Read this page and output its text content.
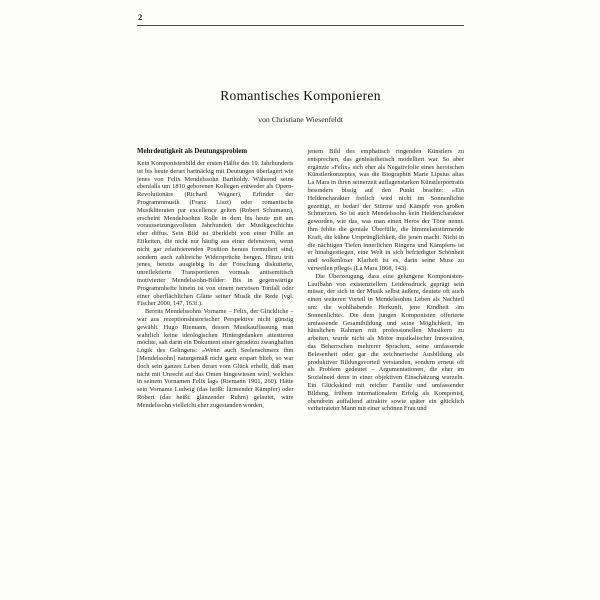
2
Romantisches Komponieren
von Christiane Wiesenfeldt
Mehrdeutigkeit als Deutungsproblem

Kein Komponistenbild der ersten Hälfte des 19. Jahrhunderts ist bis heute derart hartnäckig mit Deutungen überlagert wie jenes von Felix Mendelssohn Bartholdy. Während seine ebenfalls um 1810 geborenen Kollegen entweder als Opern-Revolutionäre (Richard Wagner), Erfinder der Programmmusik (Franz Liszt) oder romantische Musikliteraten par excellence gelten (Robert Schumann), erscheint Mendelssohns Rolle in dem bis heute mit am voraussetzungsvollsten Jahrhundert der Musikgeschichte eher diffus. Sein Bild ist überklebt von einer Fülle an Etiketten, die nicht nur häufig aus einer defensiven, wenn nicht gar relativierenden Position heraus formuliert sind, sondern auch zahlreiche Widersprüche bergen. Hinzu tritt jenes, bereits ausgiebig in der Forschung diskutierte, unreflektierte Transportieren vormals antisemitisch motivierter Mendelssohn-Bilder: Bis in gegenwärtige Programmhefte hinein ist von einem nervösen Tonfall oder einer oberflächlichen Glätte seiner Musik die Rede (vgl. Fischer 2000, 147, 163f.).

Bereits Mendelssohns Vorname – Felix, der Glückliche – war aus rezeptionshistorischer Perspektive nicht günstig gewählt. Hugo Riemann, dessen Musikauffassung man wahrlich keine ideologischen Hintergedanken attestieren möchte, sah darin ein Dokument einer geradezu zwanghaften Logik des Gelingens: »Wenn auch Seelenschmerz ihm [Mendelssohn] naturgemäß nicht ganz erspart blieb, so war doch sein ganzes Leben derart vom Glück erhellt, daß man nicht mit Unrecht auf das Omen hingewiesen wird, welches in seinem Vornamen Felix lag« (Riemann 1901, 260). Hätte sein Vorname Ludwig (das heißt: lärmender Kämpfer) oder Robert (das heißt: glänzender Ruhm) gelautet, wäre Mendelssohn vielleicht eher zugestanden worden,

jenem Bild des emphatisch ringenden Künstlers zu entsprechen, das genieästhetisch modelliert war. So aber ergänzte »Felix« sich eher als Negativfolie eines heroischen Künstlerkonzeptes, was die Biographin Marie Lipsius alias La Mara in ihren seinerzeit auflagenstarken Künstlerportraits besonders bissig auf den Punkt brachte: »Ein Heldencharakter freilich wird nicht im Sonnenlichte gezeitigt, er bedarf der Stürme und Kämpfe von großen Schmerzen. So ist auch Mendelssohn kein Heldencharakter geworden, wie das, was man einen Heros der Töne nennt. Ihm fehlte die geniale Überfülle, die himmelanstürmende Kraft, die kühne Ursprünglichkeit, die jenen macht. Nicht in die nächtigen Tiefen innerlichen Ringens und Kämpfens ist er hinabgestiegen, eine Welt in sich befriedigter Schönheit und wolkenloser Klarheit ist es, darin seine Muse zu verweilen pflegt« (La Mara 1868, 143).

Die Überzeugung, dass eine gelungene Komponisten-Laufbahn von existenziellem Leidensdruck geprägt sein müsse, der sich in der Musik selbst äußere, deutete oft auch einen weiteren Vorteil in Mendelssohns Leben als Nachteil um: die wohlhabende Herkunft, jene Kindheit ›im Sonnenlichte‹. Die dem jungen Komponisten offerierte umfassende Gesamtbildung und seine Möglichkeit, im häuslichen Rahmen mit professionellen Musikern zu arbeiten, wurde nicht als Motor musikalischer Innovation, das Beherrschen mehrerer Sprachen, seine umfassende Belesenheit oder gar die zeichnerische Ausbildung als produktiver Bildungsvorteil verstanden, sondern erneut oft als Problem gedeutet – Argumentationen, die eher im Sozialneid denn in einer objektiven Einschätzung wurzeln. Ein Glückskind mit reicher Familie und umfassender Bildung, frühem internationalem Erfolg als Komponist, obendrein auffallend attraktiv sowie später ein glücklich verheirateter Mann mit einer schönen Frau und
